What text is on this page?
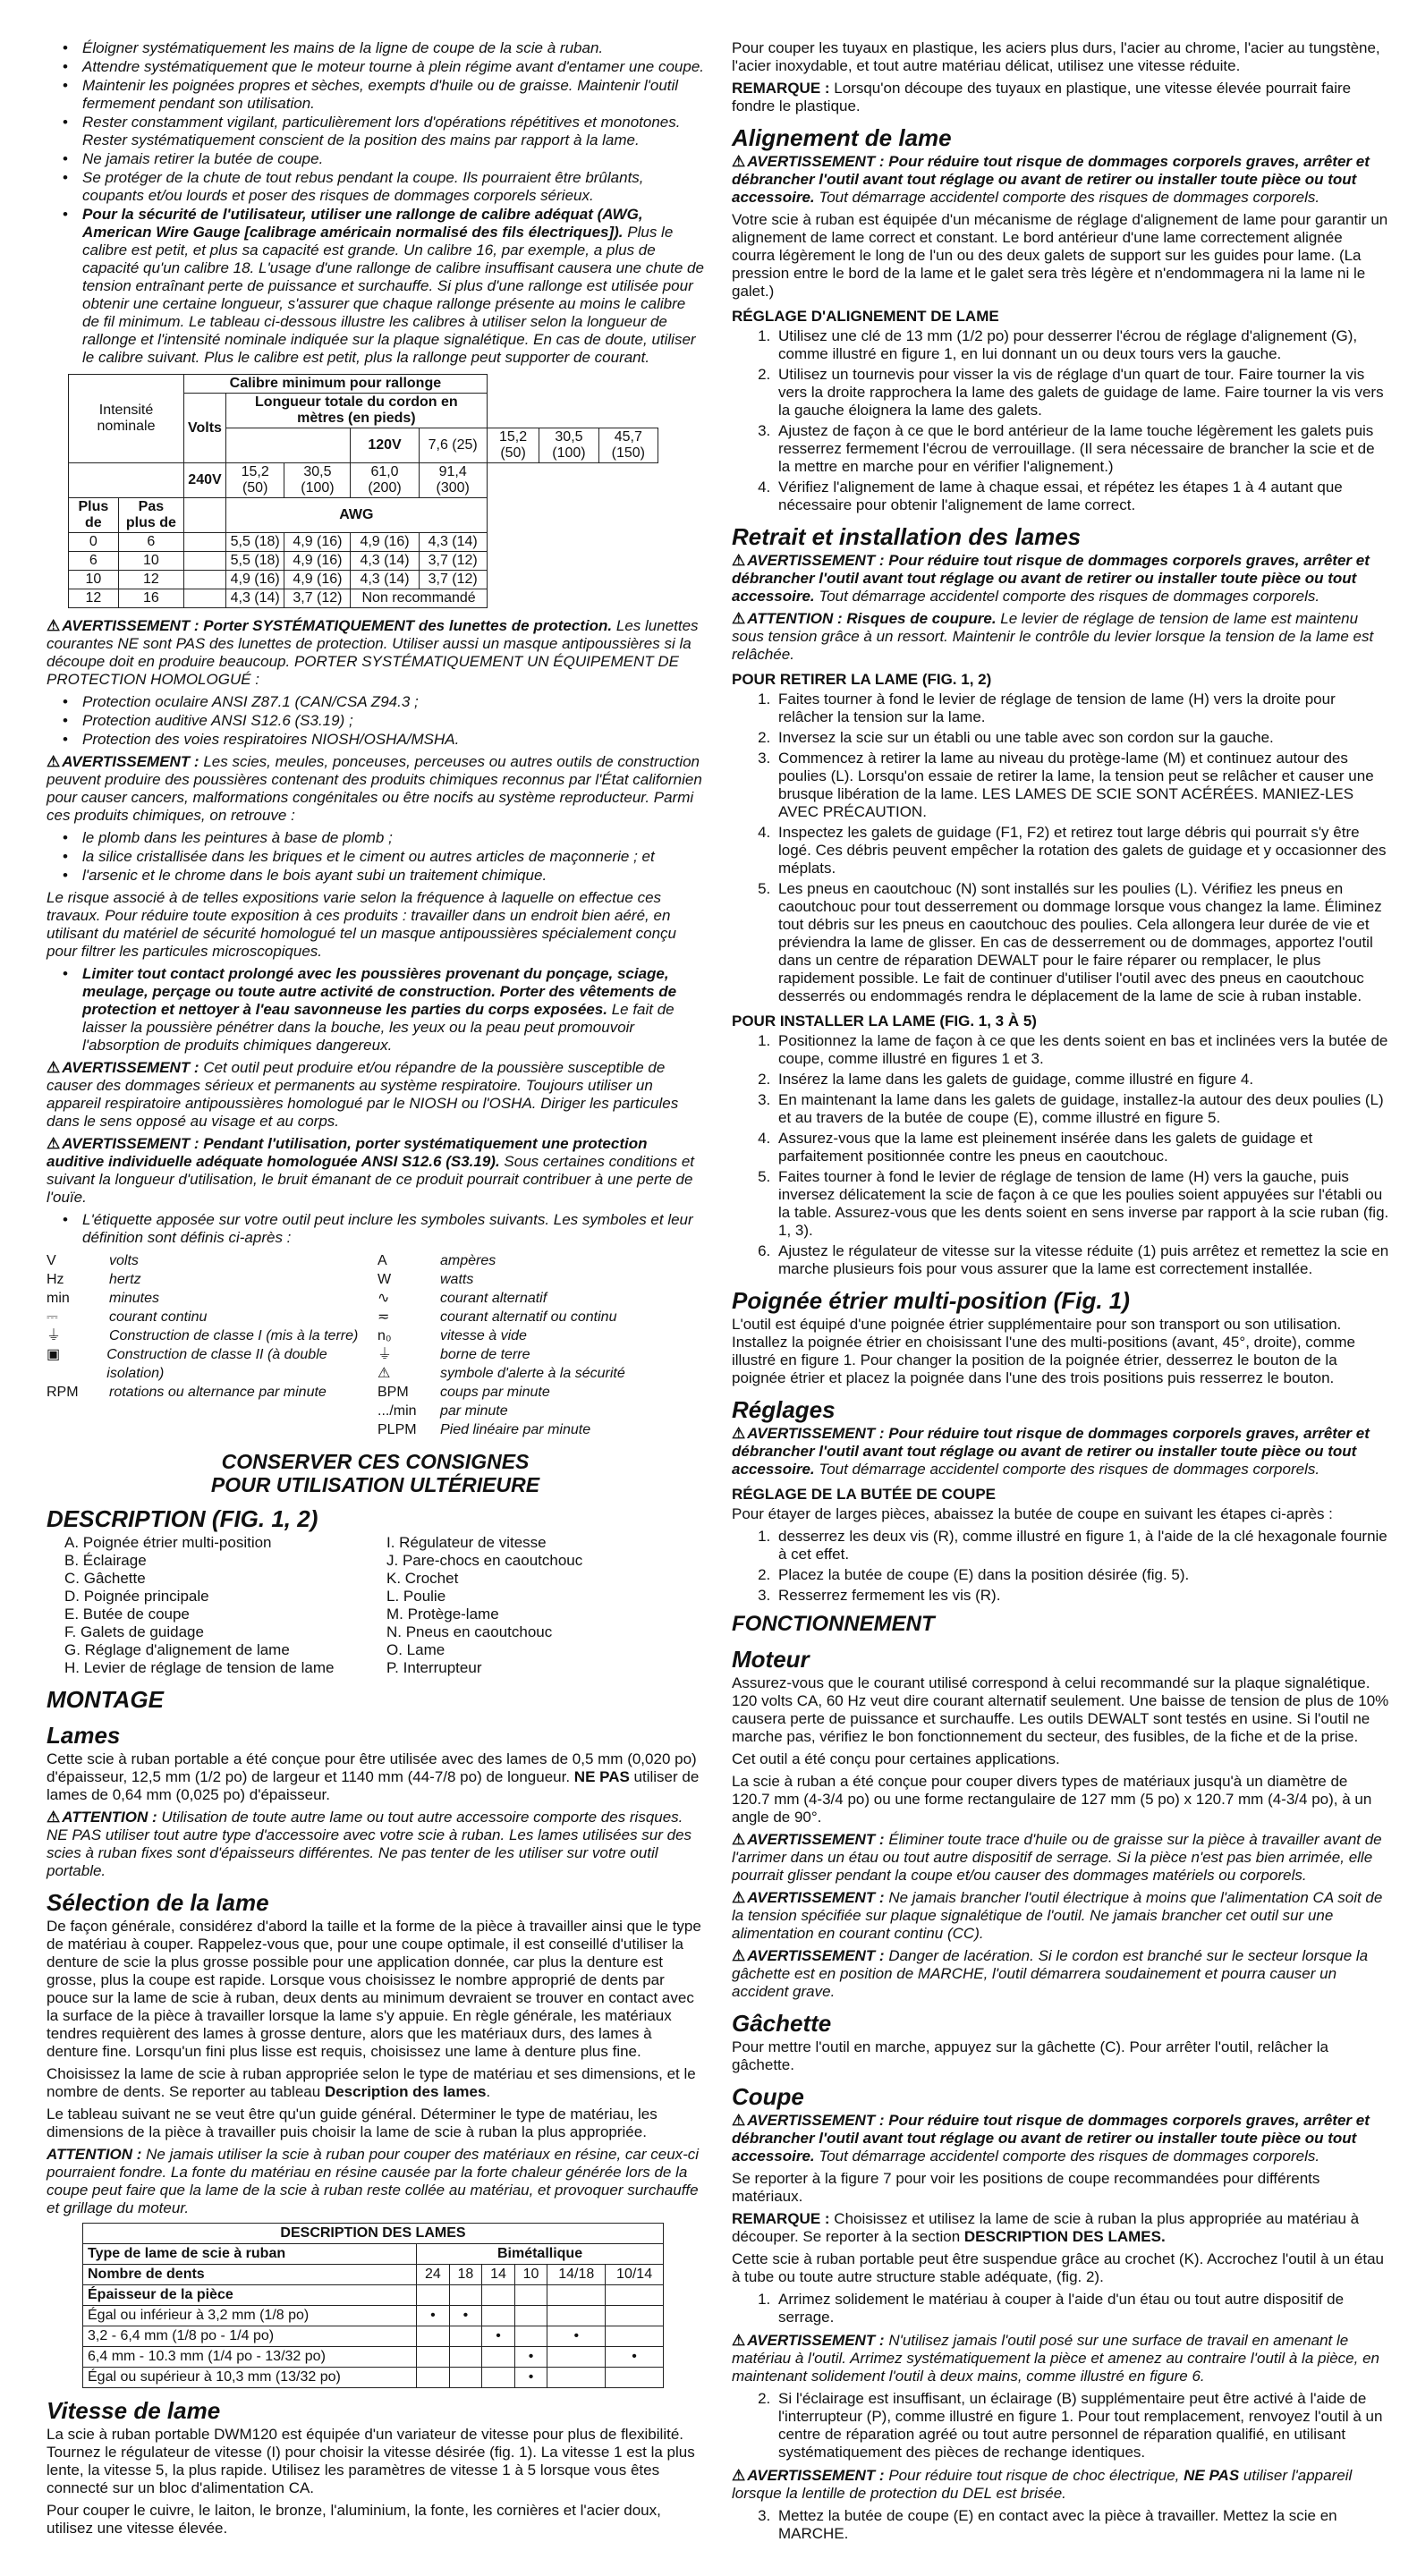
• Éloigner systématiquement les mains de la ligne de coupe de la scie à ruban.
• Attendre systématiquement que le moteur tourne à plein régime avant d'entamer une coupe.
• Maintenir les poignées propres et sèches, exempts d'huile ou de graisse. Maintenir l'outil fermement pendant son utilisation.
• Rester constamment vigilant, particulièrement lors d'opérations répétitives et monotones. Rester systématiquement conscient de la position des mains par rapport à la lame.
• Ne jamais retirer la butée de coupe.
• Se protéger de la chute de tout rebus pendant la coupe. Ils pourraient être brûlants, coupants et/ou lourds et poser des risques de dommages corporels sérieux.
• Pour la sécurité de l'utilisateur, utiliser une rallonge de calibre adéquat (AWG, American Wire Gauge [calibrage américain normalisé des fils électriques]). Plus le calibre est petit, et plus sa capacité est grande. Un calibre 16, par exemple, a plus de capacité qu'un calibre 18. L'usage d'une rallonge de calibre insuffisant causera une chute de tension entraînant perte de puissance et surchauffe. Si plus d'une rallonge est utilisée pour obtenir une certaine longueur, s'assurer que chaque rallonge présente au moins le calibre de fil minimum. Le tableau ci-dessous illustre les calibres à utiliser selon la longueur de rallonge et l'intensité nominale indiquée sur la plaque signalétique. En cas de doute, utiliser le calibre suivant. Plus le calibre est petit, plus la rallonge peut supporter de courant.
Intensité nominale		Calibre minimum pour rallonge							
		Volts	Longueur totale du cordon en mètres (en pieds)						
					120V	7,6 (25)	15,2 (50)	30,5 (100)	45,7 (150)
		240V	15,2 (50)	30,5 (100)	61,0 (200)	91,4 (300)			
Plus de	Pas plus de		AWG						
0	6		5,5 (18)	4,9 (16)	4,9 (16)	4,3 (14)			
6	10		5,5 (18)	4,9 (16)	4,3 (14)	3,7 (12)			
10	12		4,9 (16)	4,9 (16)	4,3 (14)	3,7 (12)			
12	16		4,3 (14)	3,7 (12)	Non recommandé				

⚠ AVERTISSEMENT : Porter SYSTÉMATIQUEMENT des lunettes de protection. Les lunettes courantes NE sont PAS des lunettes de protection. Utiliser aussi un masque antipoussières si la découpe doit en produire beaucoup. PORTER SYSTÉMATIQUEMENT UN ÉQUIPEMENT DE PROTECTION HOMOLOGUÉ :

• Protection oculaire ANSI Z87.1 (CAN/CSA Z94.3 ;
• Protection auditive ANSI S12.6 (S3.19) ;
• Protection des voies respiratoires NIOSH/OSHA/MSHA.

⚠ AVERTISSEMENT : Les scies, meules, ponceuses, perceuses ou autres outils de construction peuvent produire des poussières contenant des produits chimiques reconnus par l'État californien pour causer cancers, malformations congénitales ou être nocifs au système reproducteur. Parmi ces produits chimiques, on retrouve :

• le plomb dans les peintures à base de plomb ;
• la silice cristallisée dans les briques et le ciment ou autres articles de maçonnerie ; et
• l'arsenic et le chrome dans le bois ayant subi un traitement chimique.

Le risque associé à de telles expositions varie selon la fréquence à laquelle on effectue ces travaux. Pour réduire toute exposition à ces produits : travailler dans un endroit bien aéré, en utilisant du matériel de sécurité homologué tel un masque antipoussières spécialement conçu pour filtrer les particules microscopiques.

• Limiter tout contact prolongé avec les poussières provenant du ponçage, sciage, meulage, perçage ou toute autre activité de construction. Porter des vêtements de protection et nettoyer à l'eau savonneuse les parties du corps exposées. Le fait de laisser la poussière pénétrer dans la bouche, les yeux ou la peau peut promouvoir l'absorption de produits chimiques dangereux.

⚠ AVERTISSEMENT : Cet outil peut produire et/ou répandre de la poussière susceptible de causer des dommages sérieux et permanents au système respiratoire. Toujours utiliser un appareil respiratoire antipoussières homologué par le NIOSH ou l'OSHA. Diriger les particules dans le sens opposé au visage et au corps.

⚠ AVERTISSEMENT : Pendant l'utilisation, porter systématiquement une protection auditive individuelle adéquate homologuée ANSI S12.6 (S3.19). Sous certaines conditions et suivant la longueur d'utilisation, le bruit émanant de ce produit pourrait contribuer à une perte de l'ouïe.

• L'étiquette apposée sur votre outil peut inclure les symboles suivants. Les symboles et leur définition sont définis ci-après :
V	volts
Hz	hertz
min	minutes
⎓	courant continu
⏚	Construction de classe I (mis à la terre)
▣	Construction de classe II (à double isolation)
RPM	rotations ou alternance par minute
A	ampères
W	watts
∿	courant alternatif
≂	courant alternatif ou continu
n₀	vitesse à vide
⏚	borne de terre
⚠	symbole d'alerte à la sécurité
BPM	coups par minute
.../min	par minute
PLPM	Pied linéaire par minute
CONSERVER CES CONSIGNES
POUR UTILISATION ULTÉRIEURE
DESCRIPTION (FIG. 1, 2)
A. Poignée étrier multi-position
B. Éclairage
C. Gâchette
D. Poignée principale
E. Butée de coupe
F. Galets de guidage
G. Réglage d'alignement de lame
H. Levier de réglage de tension de lame
I. Régulateur de vitesse
J. Pare-chocs en caoutchouc
K. Crochet
L. Poulie
M. Protège-lame
N. Pneus en caoutchouc
O. Lame
P. Interrupteur
MONTAGE
Lames

Cette scie à ruban portable a été conçue pour être utilisée avec des lames de 0,5 mm (0,020 po) d'épaisseur, 12,5 mm (1/2 po) de largeur et 1140 mm (44-7/8 po) de longueur. NE PAS utiliser de lames de 0,64 mm (0,025 po) d'épaisseur.

⚠ ATTENTION : Utilisation de toute autre lame ou tout autre accessoire comporte des risques. NE PAS utiliser tout autre type d'accessoire avec votre scie à ruban. Les lames utilisées sur des scies à ruban fixes sont d'épaisseurs différentes. Ne pas tenter de les utiliser sur votre outil portable.

Sélection de la lame

De façon générale, considérez d'abord la taille et la forme de la pièce à travailler ainsi que le type de matériau à couper. Rappelez-vous que, pour une coupe optimale, il est conseillé d'utiliser la denture de scie la plus grosse possible pour une application donnée, car plus la denture est grosse, plus la coupe est rapide. Lorsque vous choisissez le nombre approprié de dents par pouce sur la lame de scie à ruban, deux dents au minimum devraient se trouver en contact avec la surface de la pièce à travailler lorsque la lame s'y appuie. En règle générale, les matériaux tendres requièrent des lames à grosse denture, alors que les matériaux durs, des lames à denture fine. Lorsqu'un fini plus lisse est requis, choisissez une lame à denture plus fine.

Choisissez la lame de scie à ruban appropriée selon le type de matériau et ses dimensions, et le nombre de dents. Se reporter au tableau Description des lames.

Le tableau suivant ne se veut être qu'un guide général. Déterminer le type de matériau, les dimensions de la pièce à travailler puis choisir la lame de scie à ruban la plus appropriée.

ATTENTION : Ne jamais utiliser la scie à ruban pour couper des matériaux en résine, car ceux-ci pourraient fondre. La fonte du matériau en résine causée par la forte chaleur générée lors de la coupe peut faire que la lame de la scie à ruban reste collée au matériau, et provoquer surchauffe et grillage du moteur.

DESCRIPTION DES LAMES						
Type de lame de scie à ruban	Bimétallique					
Nombre de dents	24	18	14	10	14/18	10/14
Épaisseur de la pièce						
Égal ou inférieur à 3,2 mm (1/8 po)	•	•				
3,2 - 6,4 mm (1/8 po - 1/4 po)			•		•	
6,4 mm - 10.3 mm (1/4 po - 13/32 po)				•		•
Égal ou supérieur à 10,3 mm (13/32 po)				•		
Vitesse de lame

La scie à ruban portable DWM120 est équipée d'un variateur de vitesse pour plus de flexibilité. Tournez le régulateur de vitesse (I) pour choisir la vitesse désirée (fig. 1). La vitesse 1 est la plus lente, la vitesse 5, la plus rapide. Utilisez les paramètres de vitesse 1 à 5 lorsque vous êtes connecté sur un bloc d'alimentation CA.

Pour couper le cuivre, le laiton, le bronze, l'aluminium, la fonte, les cornières et l'acier doux, utilisez une vitesse élevée.

Pour couper les tuyaux en plastique, les aciers plus durs, l'acier au chrome, l'acier au tungstène, l'acier inoxydable, et tout autre matériau délicat, utilisez une vitesse réduite.

REMARQUE : Lorsqu'on découpe des tuyaux en plastique, une vitesse élevée pourrait faire fondre le plastique.

Alignement de lame

⚠ AVERTISSEMENT : Pour réduire tout risque de dommages corporels graves, arrêter et débrancher l'outil avant tout réglage ou avant de retirer ou installer toute pièce ou tout accessoire. Tout démarrage accidentel comporte des risques de dommages corporels.

Votre scie à ruban est équipée d'un mécanisme de réglage d'alignement de lame pour garantir un alignement de lame correct et constant. Le bord antérieur d'une lame correctement alignée courra légèrement le long de l'un ou des deux galets de support sur les guides pour lame. (La pression entre le bord de la lame et le galet sera très légère et n'endommagera ni la lame ni le galet.)

RÉGLAGE D'ALIGNEMENT DE LAME
1. Utilisez une clé de 13 mm (1/2 po) pour desserrer l'écrou de réglage d'alignement (G), comme illustré en figure 1, en lui donnant un ou deux tours vers la gauche.
2. Utilisez un tournevis pour visser la vis de réglage d'un quart de tour. Faire tourner la vis vers la droite rapprochera la lame des galets de guidage de lame. Faire tourner la vis vers la gauche éloignera la lame des galets.
3. Ajustez de façon à ce que le bord antérieur de la lame touche légèrement les galets puis resserrez fermement l'écrou de verrouillage. (Il sera nécessaire de brancher la scie et de la mettre en marche pour en vérifier l'alignement.)
4. Vérifiez l'alignement de lame à chaque essai, et répétez les étapes 1 à 4 autant que nécessaire pour obtenir l'alignement de lame correct.
Retrait et installation des lames

⚠ AVERTISSEMENT : Pour réduire tout risque de dommages corporels graves, arrêter et débrancher l'outil avant tout réglage ou avant de retirer ou installer toute pièce ou tout accessoire. Tout démarrage accidentel comporte des risques de dommages corporels.

⚠ ATTENTION : Risques de coupure. Le levier de réglage de tension de lame est maintenu sous tension grâce à un ressort. Maintenir le contrôle du levier lorsque la tension de la lame est relâchée.

POUR RETIRER LA LAME (FIG. 1, 2)
1. Faites tourner à fond le levier de réglage de tension de lame (H) vers la droite pour relâcher la tension sur la lame.
2. Inversez la scie sur un établi ou une table avec son cordon sur la gauche.
3. Commencez à retirer la lame au niveau du protège-lame (M) et continuez autour des poulies (L). Lorsqu'on essaie de retirer la lame, la tension peut se relâcher et causer une brusque libération de la lame. LES LAMES DE SCIE SONT ACÉRÉES. MANIEZ-LES AVEC PRÉCAUTION.
4. Inspectez les galets de guidage (F1, F2) et retirez tout large débris qui pourrait s'y être logé. Ces débris peuvent empêcher la rotation des galets de guidage et y occasionner des méplats.
5. Les pneus en caoutchouc (N) sont installés sur les poulies (L). Vérifiez les pneus en caoutchouc pour tout desserrement ou dommage lorsque vous changez la lame. Éliminez tout débris sur les pneus en caoutchouc des poulies. Cela allongera leur durée de vie et préviendra la lame de glisser. En cas de desserrement ou de dommages, apportez l'outil dans un centre de réparation DEWALT pour le faire réparer ou remplacer, le plus rapidement possible. Le fait de continuer d'utiliser l'outil avec des pneus en caoutchouc desserrés ou endommagés rendra le déplacement de la lame de scie à ruban instable.
POUR INSTALLER LA LAME (FIG. 1, 3 À 5)
1. Positionnez la lame de façon à ce que les dents soient en bas et inclinées vers la butée de coupe, comme illustré en figures 1 et 3.
2. Insérez la lame dans les galets de guidage, comme illustré en figure 4.
3. En maintenant la lame dans les galets de guidage, installez-la autour des deux poulies (L) et au travers de la butée de coupe (E), comme illustré en figure 5.
4. Assurez-vous que la lame est pleinement insérée dans les galets de guidage et parfaitement positionnée contre les pneus en caoutchouc.
5. Faites tourner à fond le levier de réglage de tension de lame (H) vers la gauche, puis inversez délicatement la scie de façon à ce que les poulies soient appuyées sur l'établi ou la table. Assurez-vous que les dents soient en sens inverse par rapport à la scie ruban (fig. 1, 3).
6. Ajustez le régulateur de vitesse sur la vitesse réduite (1) puis arrêtez et remettez la scie en marche plusieurs fois pour vous assurer que la lame est correctement installée.
Poignée étrier multi-position (Fig. 1)

L'outil est équipé d'une poignée étrier supplémentaire pour son transport ou son utilisation. Installez la poignée étrier en choisissant l'une des multi-positions (avant, 45°, droite), comme illustré en figure 1. Pour changer la position de la poignée étrier, desserrez le bouton de la poignée étrier et placez la poignée dans l'une des trois positions puis resserrez le bouton.

Réglages

⚠ AVERTISSEMENT : Pour réduire tout risque de dommages corporels graves, arrêter et débrancher l'outil avant tout réglage ou avant de retirer ou installer toute pièce ou tout accessoire. Tout démarrage accidentel comporte des risques de dommages corporels.

RÉGLAGE DE LA BUTÉE DE COUPE

Pour étayer de larges pièces, abaissez la butée de coupe en suivant les étapes ci-après :

1. desserrez les deux vis (R), comme illustré en figure 1, à l'aide de la clé hexagonale fournie à cet effet.
2. Placez la butée de coupe (E) dans la position désirée (fig. 5).
3. Resserrez fermement les vis (R).
FONCTIONNEMENT
Moteur

Assurez-vous que le courant utilisé correspond à celui recommandé sur la plaque signalétique. 120 volts CA, 60 Hz veut dire courant alternatif seulement. Une baisse de tension de plus de 10% causera perte de puissance et surchauffe. Les outils DEWALT sont testés en usine. Si l'outil ne marche pas, vérifiez le bon fonctionnement du secteur, des fusibles, de la fiche et de la prise.

Cet outil a été conçu pour certaines applications.

La scie à ruban a été conçue pour couper divers types de matériaux jusqu'à un diamètre de 120.7 mm (4-3/4 po) ou une forme rectangulaire de 127 mm (5 po) x 120.7 mm (4-3/4 po), à un angle de 90°.

⚠ AVERTISSEMENT : Éliminer toute trace d'huile ou de graisse sur la pièce à travailler avant de l'arrimer dans un étau ou tout autre dispositif de serrage. Si la pièce n'est pas bien arrimée, elle pourrait glisser pendant la coupe et/ou causer des dommages matériels ou corporels.

⚠ AVERTISSEMENT : Ne jamais brancher l'outil électrique à moins que l'alimentation CA soit de la tension spécifiée sur plaque signalétique de l'outil. Ne jamais brancher cet outil sur une alimentation en courant continu (CC).

⚠ AVERTISSEMENT : Danger de lacération. Si le cordon est branché sur le secteur lorsque la gâchette est en position de MARCHE, l'outil démarrera soudainement et pourra causer un accident grave.

Gâchette

Pour mettre l'outil en marche, appuyez sur la gâchette (C). Pour arrêter l'outil, relâcher la gâchette.

Coupe

⚠ AVERTISSEMENT : Pour réduire tout risque de dommages corporels graves, arrêter et débrancher l'outil avant tout réglage ou avant de retirer ou installer toute pièce ou tout accessoire. Tout démarrage accidentel comporte des risques de dommages corporels.

Se reporter à la figure 7 pour voir les positions de coupe recommandées pour différents matériaux.

REMARQUE : Choisissez et utilisez la lame de scie à ruban la plus appropriée au matériau à découper. Se reporter à la section DESCRIPTION DES LAMES.

Cette scie à ruban portable peut être suspendue grâce au crochet (K). Accrochez l'outil à un étau à tube ou toute autre structure stable adéquate, (fig. 2).

1. Arrimez solidement le matériau à couper à l'aide d'un étau ou tout autre dispositif de serrage.

⚠ AVERTISSEMENT : N'utilisez jamais l'outil posé sur une surface de travail en amenant le matériau à l'outil. Arrimez systématiquement la pièce et amenez au contraire l'outil à la pièce, en maintenant solidement l'outil à deux mains, comme illustré en figure 6.

2. Si l'éclairage est insuffisant, un éclairage (B) supplémentaire peut être activé à l'aide de l'interrupteur (P), comme illustré en figure 1. Pour tout remplacement, renvoyez l'outil à un centre de réparation agréé ou tout autre personnel de réparation qualifié, en utilisant systématiquement des pièces de rechange identiques.

⚠ AVERTISSEMENT : Pour réduire tout risque de choc électrique, NE PAS utiliser l'appareil lorsque la lentille de protection du DEL est brisée.

3. Mettez la butée de coupe (E) en contact avec la pièce à travailler. Mettez la scie en MARCHE.
